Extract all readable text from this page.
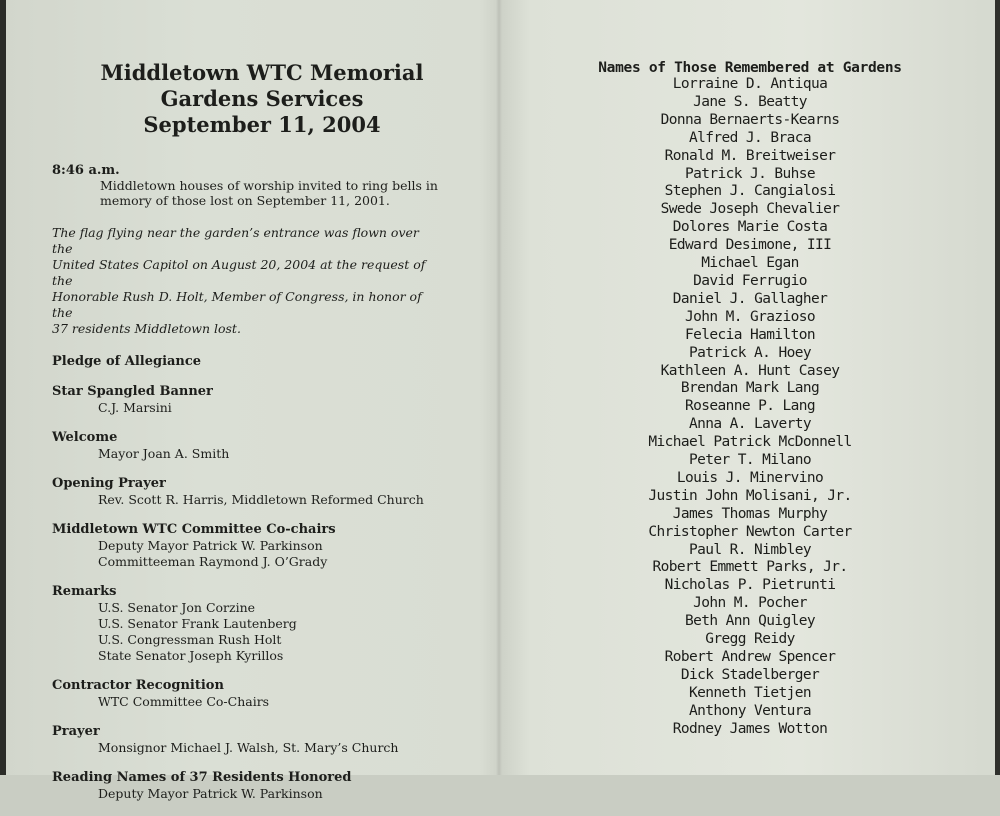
Middletown WTC Memorial
Gardens Services
September 11, 2004
8:46 a.m.
Middletown houses of worship invited to ring bells in
memory of those lost on September 11, 2001.
The flag flying near the garden’s entrance was flown over the
United States Capitol on August 20, 2004 at the request of the
Honorable Rush D. Holt, Member of Congress, in honor of the
37 residents Middletown lost.
Pledge of Allegiance
Star Spangled Banner
C.J. Marsini
Welcome
Mayor Joan A. Smith
Opening Prayer
Rev. Scott R. Harris, Middletown Reformed Church
Middletown WTC Committee Co-chairs
Deputy Mayor Patrick W. Parkinson
Committeeman Raymond J. O’Grady
Remarks
U.S. Senator Jon Corzine
U.S. Senator Frank Lautenberg
U.S. Congressman Rush Holt
State Senator Joseph Kyrillos
Contractor Recognition
WTC Committee Co-Chairs
Prayer
Monsignor Michael J. Walsh, St. Mary’s Church
Reading Names of 37 Residents Honored
Deputy Mayor Patrick W. Parkinson
Names of Those Remembered at Gardens
Lorraine D. Antiqua
Jane S. Beatty
Donna Bernaerts-Kearns
Alfred J. Braca
Ronald M. Breitweiser
Patrick J. Buhse
Stephen J. Cangialosi
Swede Joseph Chevalier
Dolores Marie Costa
Edward Desimone, III
Michael Egan
David Ferrugio
Daniel J. Gallagher
John M. Grazioso
Felecia Hamilton
Patrick A. Hoey
Kathleen A. Hunt Casey
Brendan Mark Lang
Roseanne P. Lang
Anna A. Laverty
Michael Patrick McDonnell
Peter T. Milano
Louis J. Minervino
Justin John Molisani, Jr.
James Thomas Murphy
Christopher Newton Carter
Paul R. Nimbley
Robert Emmett Parks, Jr.
Nicholas P. Pietrunti
John M. Pocher
Beth Ann Quigley
Gregg Reidy
Robert Andrew Spencer
Dick Stadelberger
Kenneth Tietjen
Anthony Ventura
Rodney James Wotton
